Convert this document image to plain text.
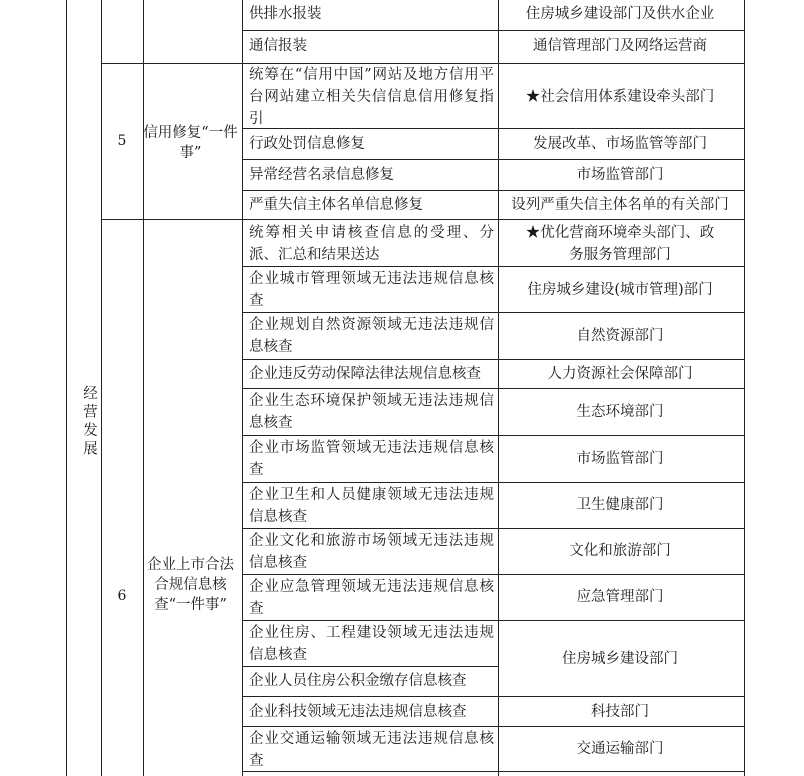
经营发展
5	信用修复“一件事”
6
企业上市合法合规信息核查“一件事”
供排水报装
通信报装
统筹在“信用中国”网站及地方信用平台网站建立相关失信信息信用修复指引
行政处罚信息修复
异常经营名录信息修复
严重失信主体名单信息修复
统筹相关申请核查信息的受理、分派、汇总和结果送达
企业城市管理领域无违法违规信息核查
企业规划自然资源领域无违法违规信息核查
企业违反劳动保障法律法规信息核查
企业生态环境保护领域无违法违规信息核查
企业市场监管领域无违法违规信息核查
企业卫生和人员健康领域无违法违规信息核查
企业文化和旅游市场领域无违法违规信息核查
企业应急管理领域无违法违规信息核查
企业住房、工程建设领域无违法违规信息核查
企业人员住房公积金缴存信息核查
企业科技领域无违法违规信息核查
企业交通运输领域无违法违规信息核查
住房城乡建设部门及供水企业
通信管理部门及网络运营商
★社会信用体系建设牵头部门
发展改革、市场监管等部门
市场监管部门
设列严重失信主体名单的有关部门
★优化营商环境牵头部门、政务服务管理部门
住房城乡建设(城市管理)部门
自然资源部门
人力资源社会保障部门
生态环境部门
市场监管部门
卫生健康部门
文化和旅游部门
应急管理部门
住房城乡建设部门
科技部门
交通运输部门
